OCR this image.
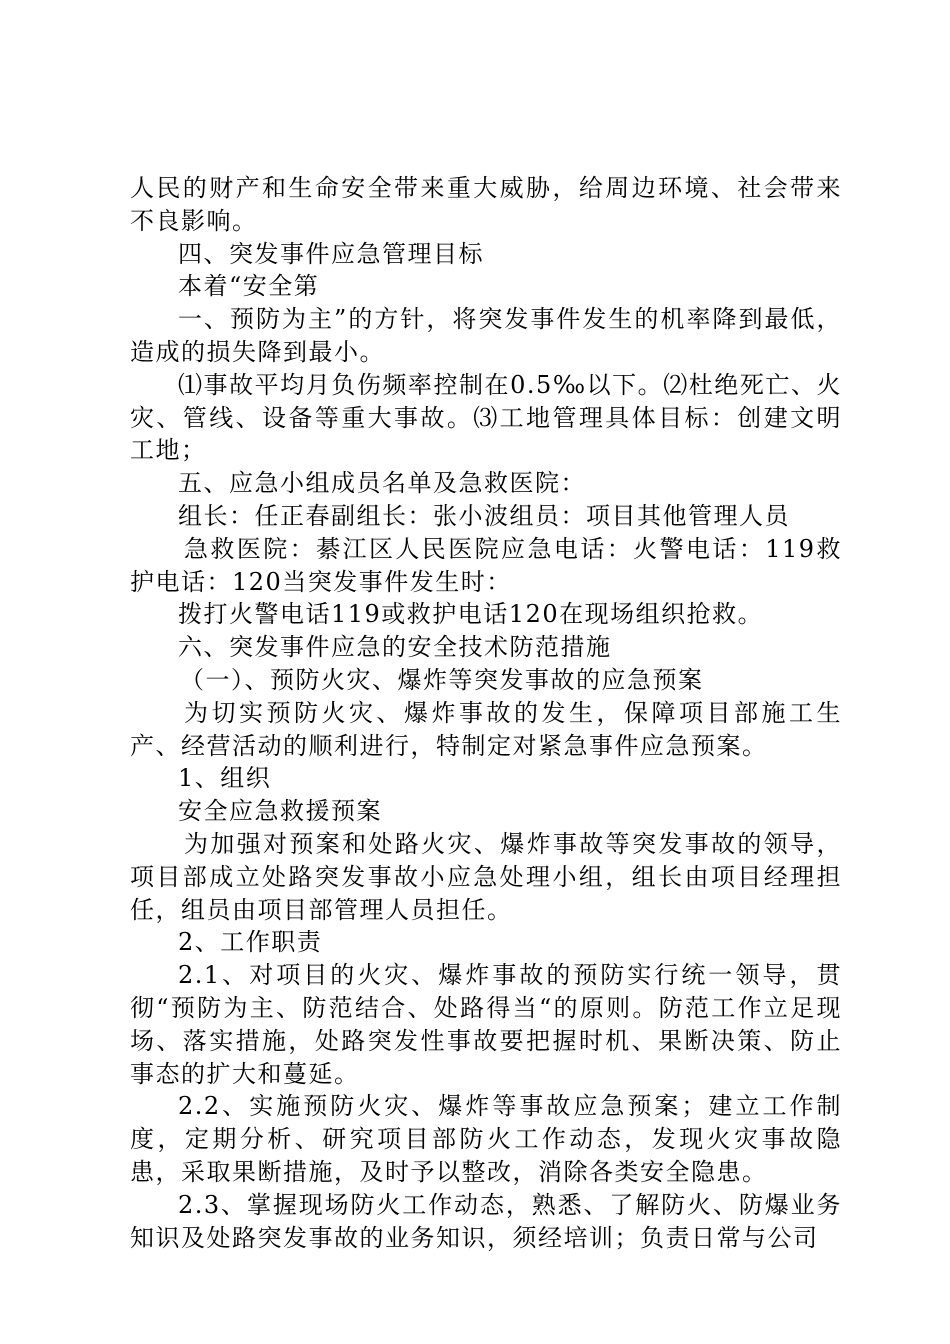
人民的财产和生命安全带来重大威胁，给周边环境、社会带来不良影响。

四、突发事件应急管理目标

本着“安全第

一、预防为主”的方针，将突发事件发生的机率降到最低，造成的损失降到最小。

⑴事故平均月负伤频率控制在0.5‰以下。⑵杜绝死亡、火灾、管线、设备等重大事故。⑶工地管理具体目标：创建文明工地；

五、应急小组成员名单及急救医院：

组长：任正春副组长：张小波组员：项目其他管理人员

急救医院：綦江区人民医院应急电话：火警电话：119救护电话：120当突发事件发生时：

拨打火警电话119或救护电话120在现场组织抢救。

六、突发事件应急的安全技术防范措施

（一）、预防火灾、爆炸等突发事故的应急预案

为切实预防火灾、爆炸事故的发生，保障项目部施工生产、经营活动的顺利进行，特制定对紧急事件应急预案。

1、组织

安全应急救援预案

为加强对预案和处路火灾、爆炸事故等突发事故的领导，项目部成立处路突发事故小应急处理小组，组长由项目经理担任，组员由项目部管理人员担任。

2、工作职责

2.1、对项目的火灾、爆炸事故的预防实行统一领导，贯彻“预防为主、防范结合、处路得当“的原则。防范工作立足现场、落实措施，处路突发性事故要把握时机、果断决策、防止事态的扩大和蔓延。

2.2、实施预防火灾、爆炸等事故应急预案；建立工作制度，定期分析、研究项目部防火工作动态，发现火灾事故隐患，采取果断措施，及时予以整改，消除各类安全隐患。

2.3、掌握现场防火工作动态，熟悉、了解防火、防爆业务知识及处路突发事故的业务知识，须经培训；负责日常与公司
